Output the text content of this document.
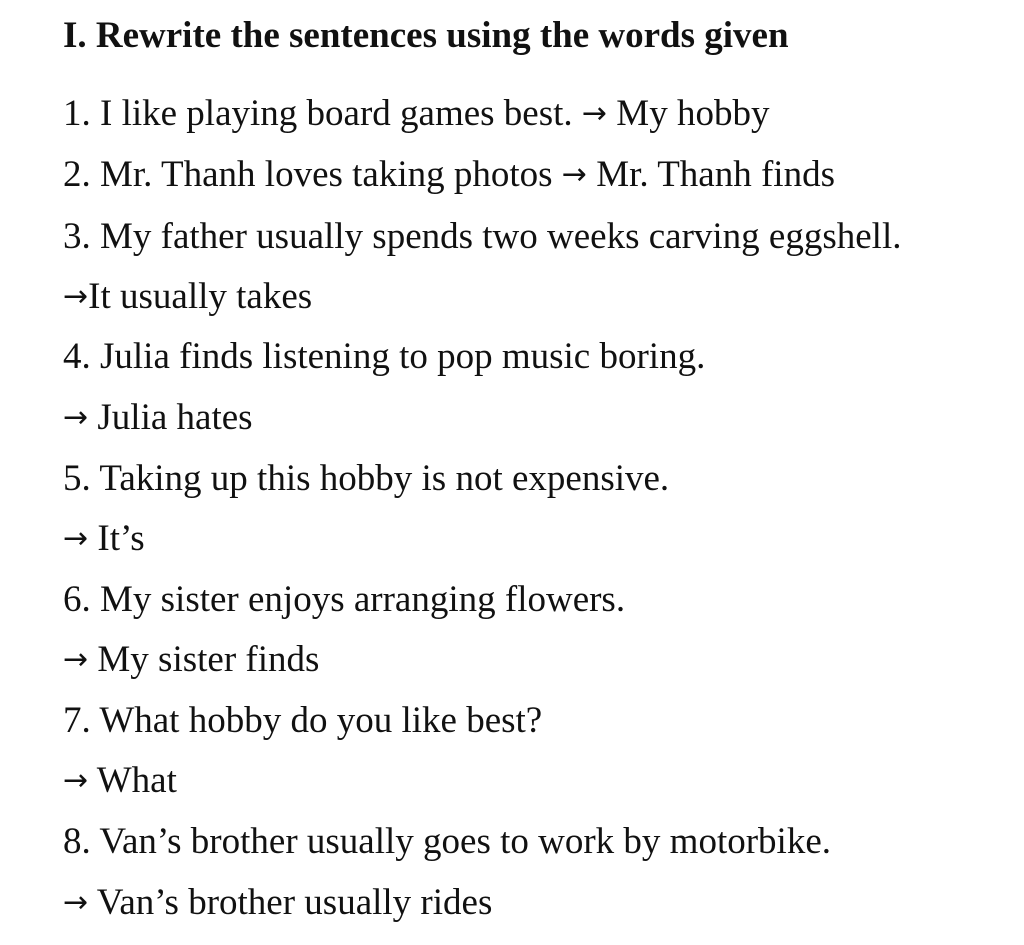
I. Rewrite the sentences using the words given
1. I like playing board games best. → My hobby
2. Mr. Thanh loves taking photos → Mr. Thanh finds
3. My father usually spends two weeks carving eggshell.
→It usually takes
4. Julia finds listening to pop music boring.
→ Julia hates
5. Taking up this hobby is not expensive.
→ It’s
6. My sister enjoys arranging flowers.
→ My sister finds
7. What hobby do you like best?
→ What
8. Van’s brother usually goes to work by motorbike.
→ Van’s brother usually rides
